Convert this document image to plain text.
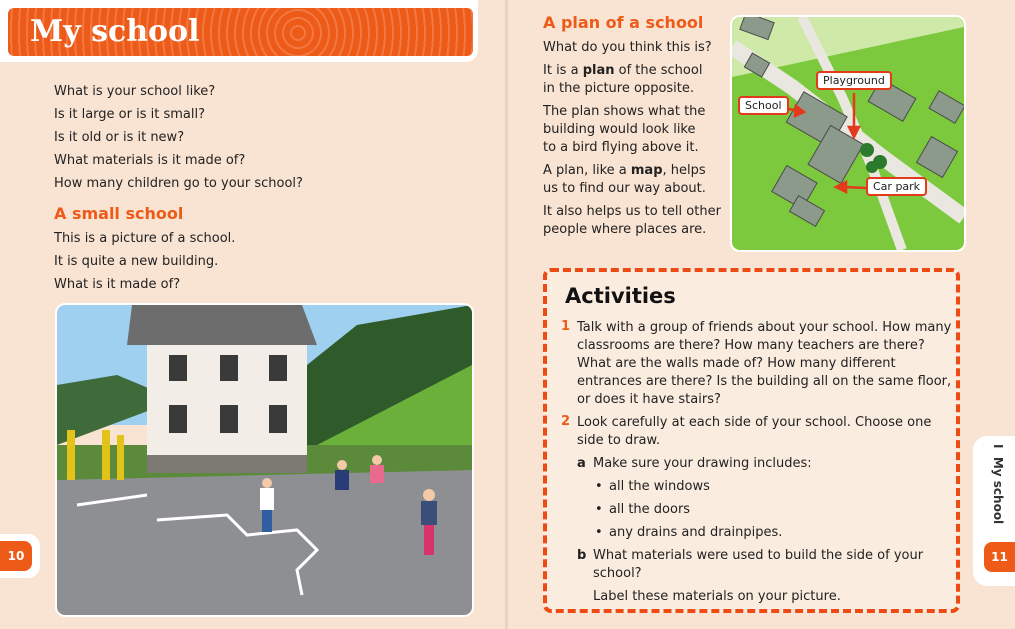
My school
What is your school like?
Is it large or is it small?
Is it old or is it new?
What materials is it made of?
How many children go to your school?
A small school
This is a picture of a school.
It is quite a new building.
What is it made of?
10
A plan of a school
What do you think this is?
It is a plan of the school
in the picture opposite.
The plan shows what the
building would look like
to a bird flying above it.
A plan, like a map, helps
us to find our way about.
It also helps us to tell other
people where places are.
Playground
School
Car park
Activities
1 Talk with a group of friends about your school. How many
classrooms are there? How many teachers are there?
What are the walls made of? How many different
entrances are there? Is the building all on the same floor,
or does it have stairs?
2 Look carefully at each side of your school. Choose one
side to draw.
a Make sure your drawing includes:
• all the windows
• all the doors
• any drains and drainpipes.
b What materials were used to build the side of your
school?
Label these materials on your picture.
I  My school
11
